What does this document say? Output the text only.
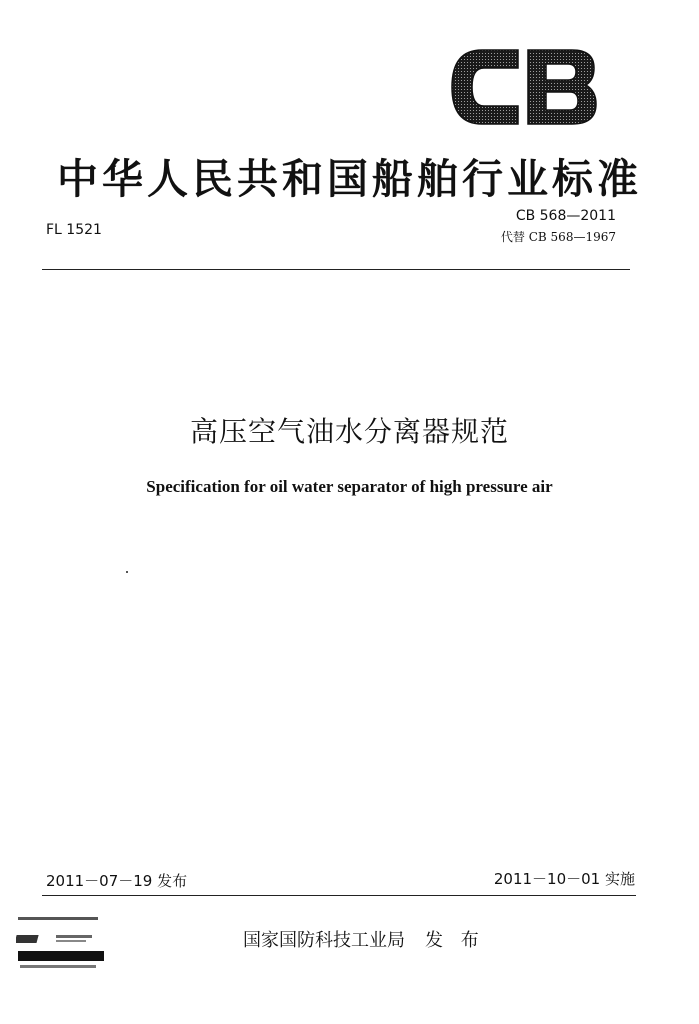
中华人民共和国船舶行业标准
FL 1521
CB 568—2011
代替 CB 568—1967
高压空气油水分离器规范
Specification for oil water separator of high pressure air
2011－07－19 发布	2011－10－01 实施
国家国防科技工业局 发 布
